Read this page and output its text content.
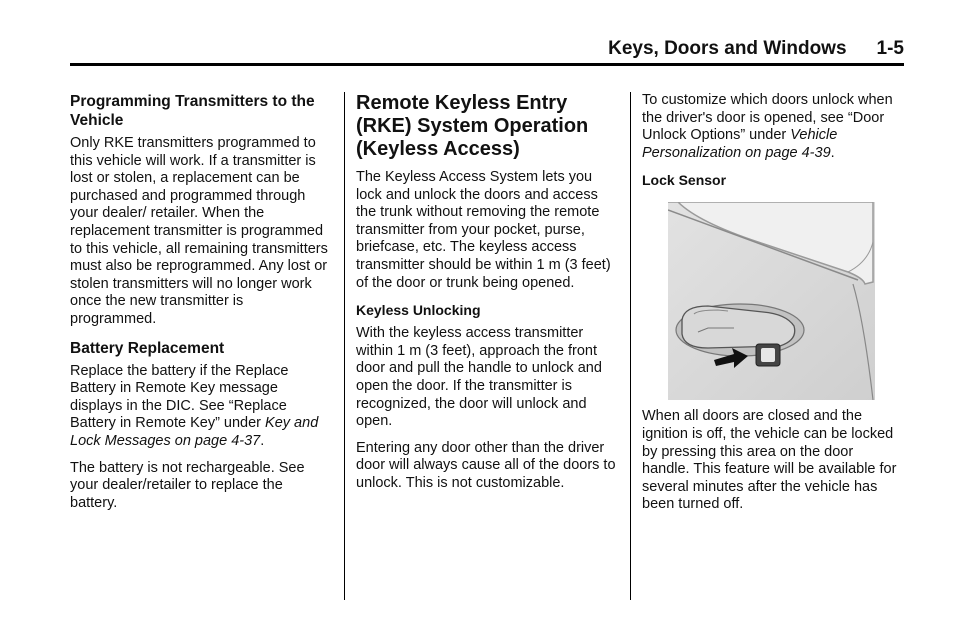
Keys, Doors and Windows 1-5
Programming Transmitters to the Vehicle

Only RKE transmitters programmed to this vehicle will work. If a transmitter is lost or stolen, a replacement can be purchased and programmed through your dealer/ retailer. When the replacement transmitter is programmed to this vehicle, all remaining transmitters must also be reprogrammed. Any lost or stolen transmitters will no longer work once the new transmitter is programmed.

Battery Replacement

Replace the battery if the Replace Battery in Remote Key message displays in the DIC. See “Replace Battery in Remote Key” under Key and Lock Messages on page 4-37.

The battery is not rechargeable. See your dealer/retailer to replace the battery.

Remote Keyless Entry (RKE) System Operation (Keyless Access)

The Keyless Access System lets you lock and unlock the doors and access the trunk without removing the remote transmitter from your pocket, purse, briefcase, etc. The keyless access transmitter should be within 1 m (3 feet) of the door or trunk being opened.

Keyless Unlocking

With the keyless access transmitter within 1 m (3 feet), approach the front door and pull the handle to unlock and open the door. If the transmitter is recognized, the door will unlock and open.

Entering any door other than the driver door will always cause all of the doors to unlock. This is not customizable.

To customize which doors unlock when the driver's door is opened, see “Door Unlock Options” under Vehicle Personalization on page 4-39.

Lock Sensor

When all doors are closed and the ignition is off, the vehicle can be locked by pressing this area on the door handle. This feature will be available for several minutes after the vehicle has been turned off.
